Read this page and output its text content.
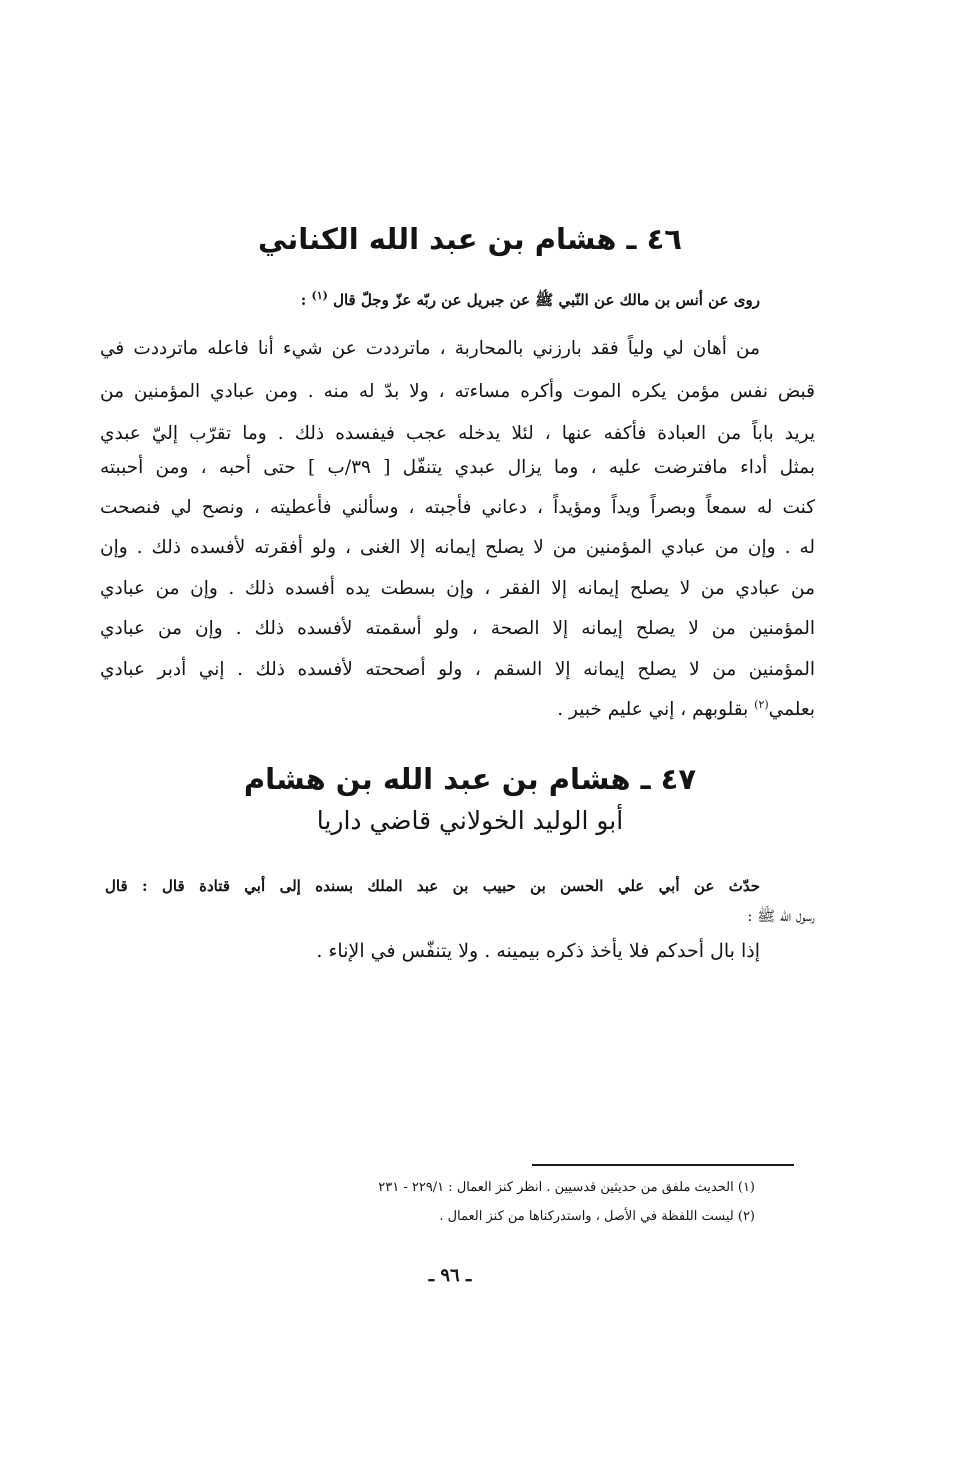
٤٦ ـ هشام بن عبد الله الكناني
روى عن أنس بن مالك عن النّبي ﷺ عن جبريل عن ربّه عزّ وجلّ قال $^{(١)}$ :
من أهان لي ولياً فقد بارزني بالمحاربة ، ماترددت عن شيء أنا فاعله ماترددت في
قبض نفس مؤمن يكره الموت وأكره مساءته ، ولا بدّ له منه . ومن عبادي المؤمنين من
يريد باباً من العبادة فأكفه عنها ، لئلا يدخله عجب فيفسده ذلك . وما تقرّب إليّ عبدي
بمثل أداء مافترضت عليه ، وما يزال عبدي يتنفّل [ ٣٩/ب ] حتى أحبه ، ومن أحببته
كنت له سمعاً وبصراً ويداً ومؤيداً ، دعاني فأجبته ، وسألني فأعطيته ، ونصح لي فنصحت
له . وإن من عبادي المؤمنين من لا يصلح إيمانه إلا الغنى ، ولو أفقرته لأفسده ذلك . وإن
من عبادي من لا يصلح إيمانه إلا الفقر ، وإن بسطت يده أفسده ذلك . وإن من عبادي
المؤمنين من لا يصلح إيمانه إلا الصحة ، ولو أسقمته لأفسده ذلك . وإن من عبادي
المؤمنين من لا يصلح إيمانه إلا السقم ، ولو أصححته لأفسده ذلك . إني أدبر عبادي
بعلمي$^{(٢)}$ بقلوبهم ، إني عليم خبير .
٤٧ ـ هشام بن عبد الله بن هشام
أبو الوليد الخولاني قاضي داريا
حدّث عن أبي علي الحسن بن حبيب بن عبد الملك بسنده إلى أبي قتادة قال : قال
رسول الله ﷺ :
إذا بال أحدكم فلا يأخذ ذكره بيمينه . ولا يتنفّس في الإناء .
(١) الحديث ملفق من حديثين قدسيين . انظر كنز العمال : ٢٢٩/١ - ٢٣١
(٢) ليست اللفظة في الأصل ، واستدركناها من كنز العمال .
ـ ٩٦ ـ
